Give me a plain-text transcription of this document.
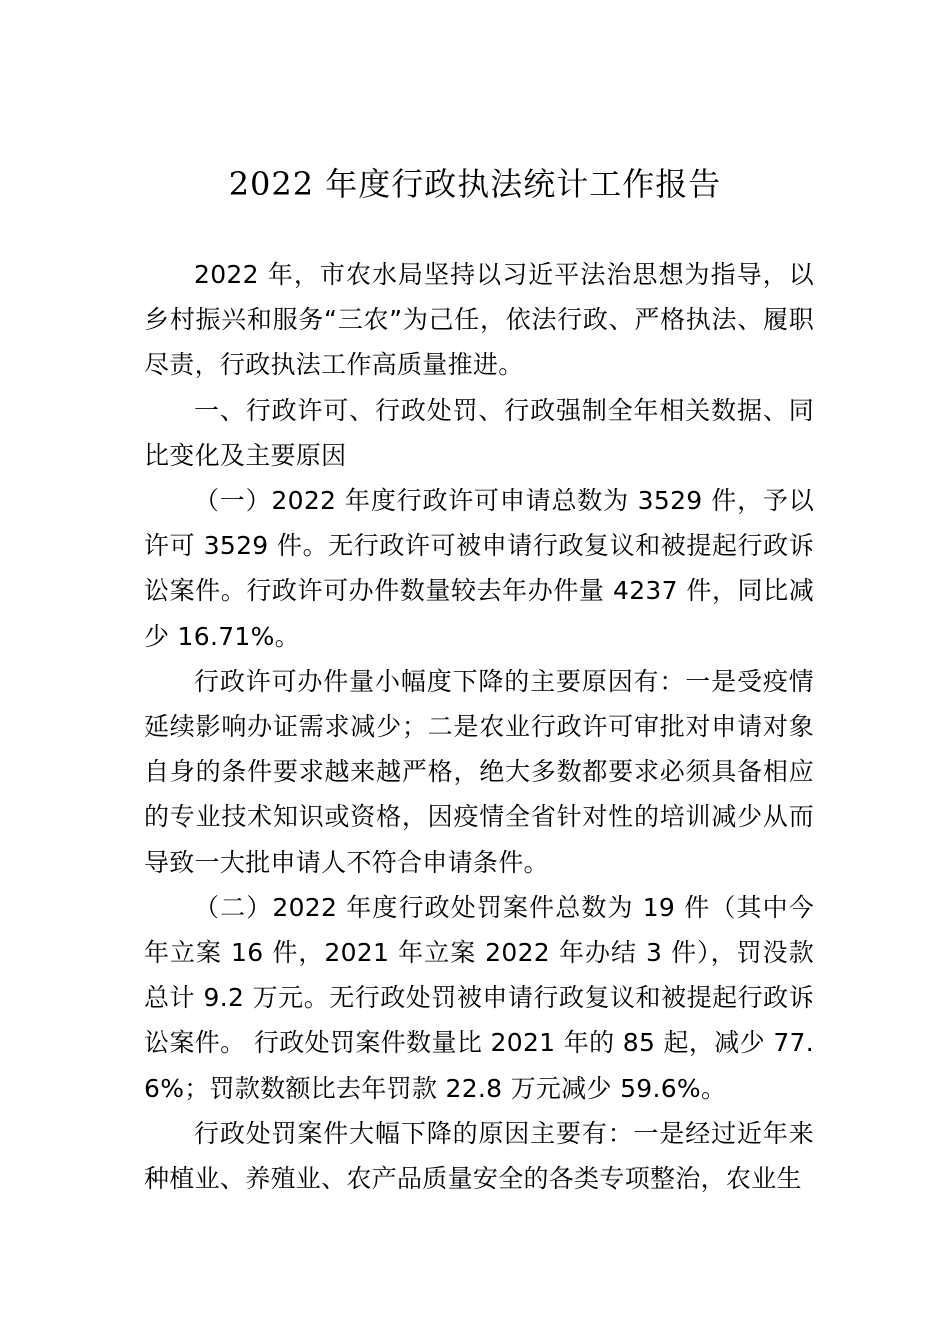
2022 年度行政执法统计工作报告

2022 年，市农水局坚持以习近平法治思想为指导，以乡村振兴和服务“三农”为己任，依法行政、严格执法、履职尽责，行政执法工作高质量推进。

一、行政许可、行政处罚、行政强制全年相关数据、同比变化及主要原因

（一）2022 年度行政许可申请总数为 3529 件，予以许可 3529 件。无行政许可被申请行政复议和被提起行政诉讼案件。行政许可办件数量较去年办件量 4237 件，同比减少 16.71%。

行政许可办件量小幅度下降的主要原因有：一是受疫情延续影响办证需求减少；二是农业行政许可审批对申请对象自身的条件要求越来越严格，绝大多数都要求必须具备相应的专业技术知识或资格，因疫情全省针对性的培训减少从而导致一大批申请人不符合申请条件。

（二）2022 年度行政处罚案件总数为 19 件（其中今年立案 16 件，2021 年立案 2022 年办结 3 件），罚没款总计 9.2 万元。无行政处罚被申请行政复议和被提起行政诉讼案件。 行政处罚案件数量比 2021 年的 85 起，减少 77.6%；罚款数额比去年罚款 22.8 万元减少 59.6%。

行政处罚案件大幅下降的原因主要有：一是经过近年来种植业、养殖业、农产品质量安全的各类专项整治，农业生
